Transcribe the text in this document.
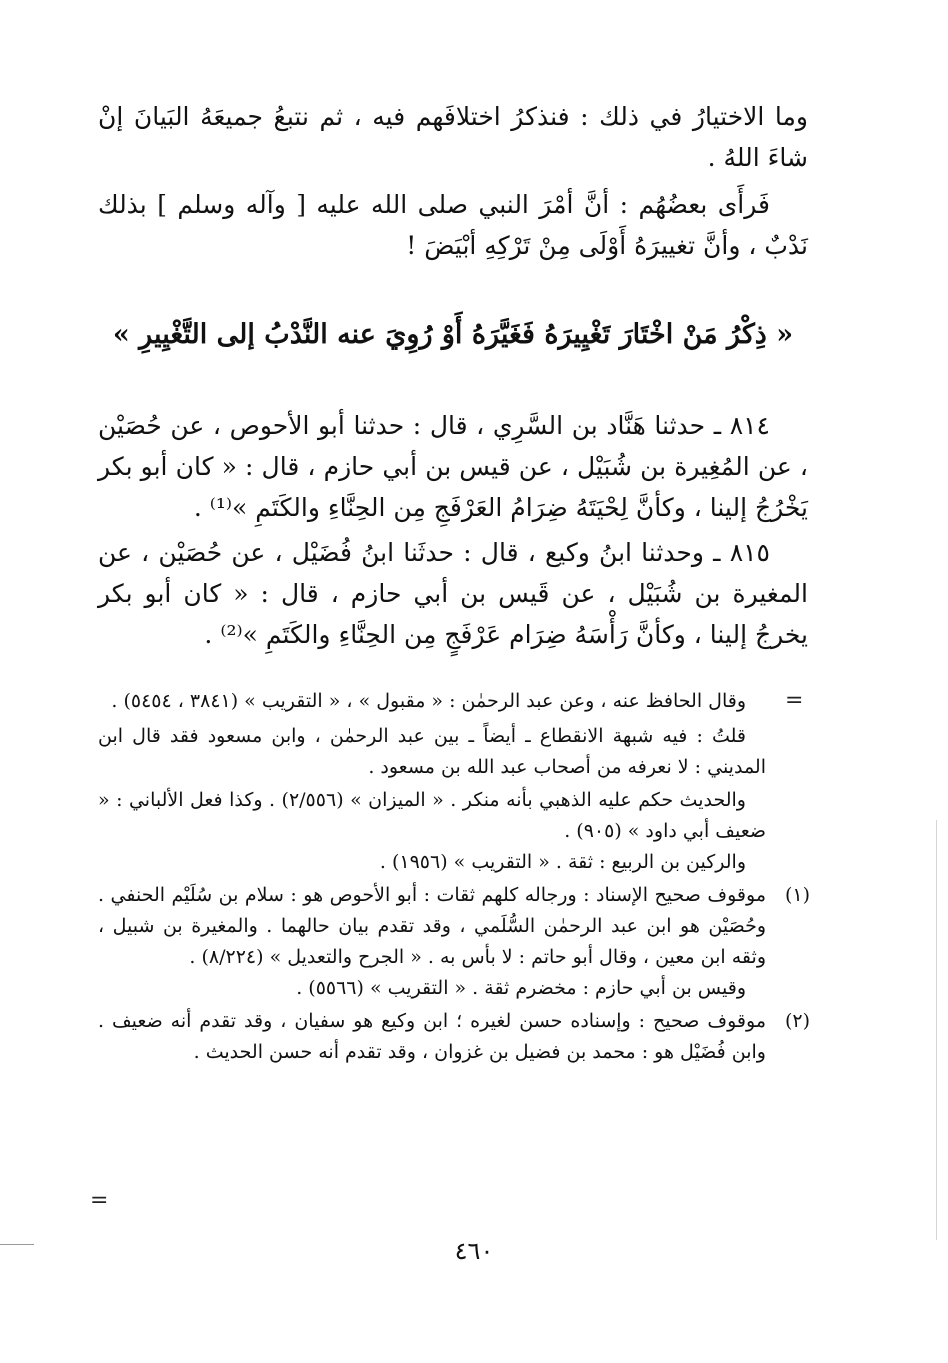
وما الاختيارُ في ذلك : فنذكرُ اختلافَهم فيه ، ثم نتبعُ جميعَهُ البَيانَ إنْ شاءَ اللهُ .

فَرأَى بعضُهُم : أنَّ أمْرَ النبي صلى الله عليه [ وآله وسلم ] بذلك نَدْبٌ ، وأنَّ تغييرَهُ أَوْلَى مِنْ تَرْكِهِ أبْيَضَ !

« ذِكْرُ مَنْ اخْتَارَ تَغْيِيرَهُ فَغَيَّرَهُ أَوْ رُوِيَ عنه النَّدْبُ إلى التَّغْيِيرِ »

٨١٤ ـ حدثنا هَنَّاد بن السَّرِي ، قال : حدثنا أبو الأحوص ، عن حُصَيْن ، عن المُغِيرة بن شُبَيْل ، عن قيس بن أبي حازم ، قال : « كان أبو بكر يَخْرُجُ إلينا ، وكأنَّ لِحْيَتَهُ ضِرَامُ العَرْفَجِ مِن الحِنَّاءِ والكَتَمِ »⁽¹⁾ .

٨١٥ ـ وحدثنا ابنُ وكيع ، قال : حدثَنا ابنُ فُضَيْل ، عن حُصَيْن ، عن المغيرة بن شُبَيْل ، عن قَيس بن أبي حازم ، قال : « كان أبو بكر يخرجُ إلينا ، وكأنَّ رَأْسَهُ ضِرَام عَرْفَجٍ مِن الحِنَّاءِ والكَتَمِ »⁽²⁾ .

=

وقال الحافظ عنه ، وعن عبد الرحمٰن : « مقبول » ، « التقريب » (٣٨٤١ ، ٥٤٥٤) .

قلتُ : فيه شبهة الانقطاع ـ أيضاً ـ بين عبد الرحمٰن ، وابن مسعود فقد قال ابن المديني : لا نعرفه من أصحاب عبد الله بن مسعود .

والحديث حكم عليه الذهبي بأنه منكر . « الميزان » (٢/٥٥٦) . وكذا فعل الألباني : « ضعيف أبي داود » (٩٠٥) .

والركين بن الربيع : ثقة . « التقريب » (١٩٥٦) .

(١)
موقوف صحيح الإسناد : ورجاله كلهم ثقات : أبو الأحوص هو : سلام بن سُلَيْم الحنفي . وحُصَيْن هو ابن عبد الرحمٰن السُّلَمي ، وقد تقدم بيان حالهما . والمغيرة بن شبيل ، وثقه ابن معين ، وقال أبو حاتم : لا بأس به . « الجرح والتعديل » (٨/٢٢٤) .

وقيس بن أبي حازم : مخضرم ثقة . « التقريب » (٥٥٦٦) .

(٢)
موقوف صحيح : وإسناده حسن لغيره ؛ ابن وكيع هو سفيان ، وقد تقدم أنه ضعيف . وابن فُضَيْل هو : محمد بن فضيل بن غزوان ، وقد تقدم أنه حسن الحديث .
=
٤٦٠
